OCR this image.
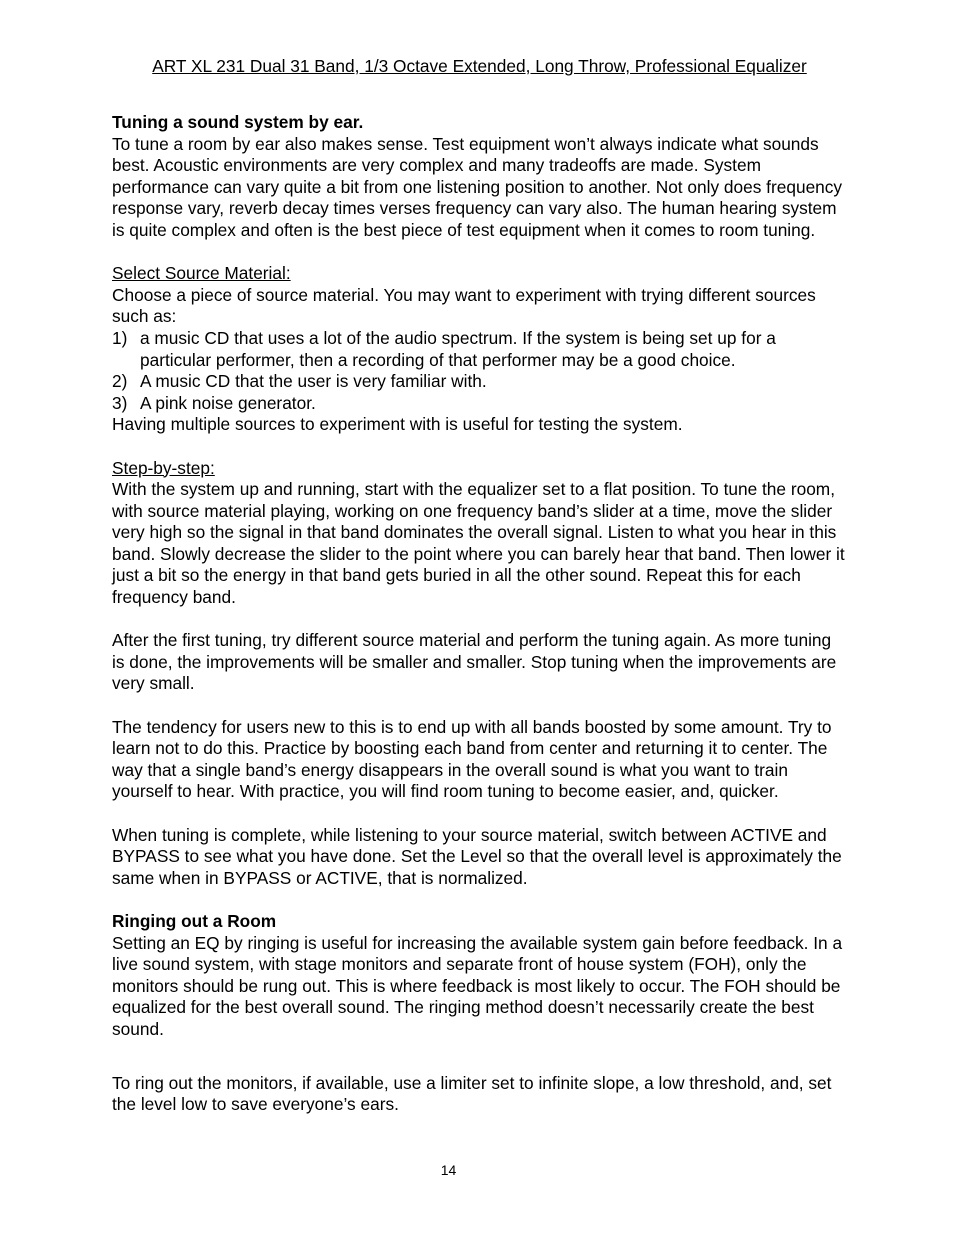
ART XL 231 Dual 31 Band, 1/3 Octave Extended, Long Throw, Professional Equalizer

Tuning a sound system by ear.

To tune a room by ear also makes sense. Test equipment won’t always indicate what sounds best. Acoustic environments are very complex and many tradeoffs are made. System performance can vary quite a bit from one listening position to another. Not only does frequency response vary, reverb decay times verses frequency can vary also. The human hearing system is quite complex and often is the best piece of test equipment when it comes to room tuning.

Select Source Material:

Choose a piece of source material. You may want to experiment with trying different sources such as:

1) a music CD that uses a lot of the audio spectrum. If the system is being set up for a particular performer, then a recording of that performer may be a good choice.
2) A music CD that the user is very familiar with.
3) A pink noise generator.

Having multiple sources to experiment with is useful for testing the system.

Step-by-step:

With the system up and running, start with the equalizer set to a flat position. To tune the room, with source material playing, working on one frequency band’s slider at a time, move the slider very high so the signal in that band dominates the overall signal. Listen to what you hear in this band. Slowly decrease the slider to the point where you can barely hear that band. Then lower it just a bit so the energy in that band gets buried in all the other sound. Repeat this for each frequency band.

After the first tuning, try different source material and perform the tuning again. As more tuning is done, the improvements will be smaller and smaller. Stop tuning when the improvements are very small.

The tendency for users new to this is to end up with all bands boosted by some amount. Try to learn not to do this. Practice by boosting each band from center and returning it to center. The way that a single band’s energy disappears in the overall sound is what you want to train yourself to hear. With practice, you will find room tuning to become easier, and, quicker.

When tuning is complete, while listening to your source material, switch between ACTIVE and BYPASS to see what you have done. Set the Level so that the overall level is approximately the same when in BYPASS or ACTIVE, that is normalized.

Ringing out a Room

Setting an EQ by ringing is useful for increasing the available system gain before feedback. In a live sound system, with stage monitors and separate front of house system (FOH), only the monitors should be rung out. This is where feedback is most likely to occur. The FOH should be equalized for the best overall sound. The ringing method doesn’t necessarily create the best sound.

To ring out the monitors, if available, use a limiter set to infinite slope, a low threshold, and, set the level low to save everyone’s ears.

14
